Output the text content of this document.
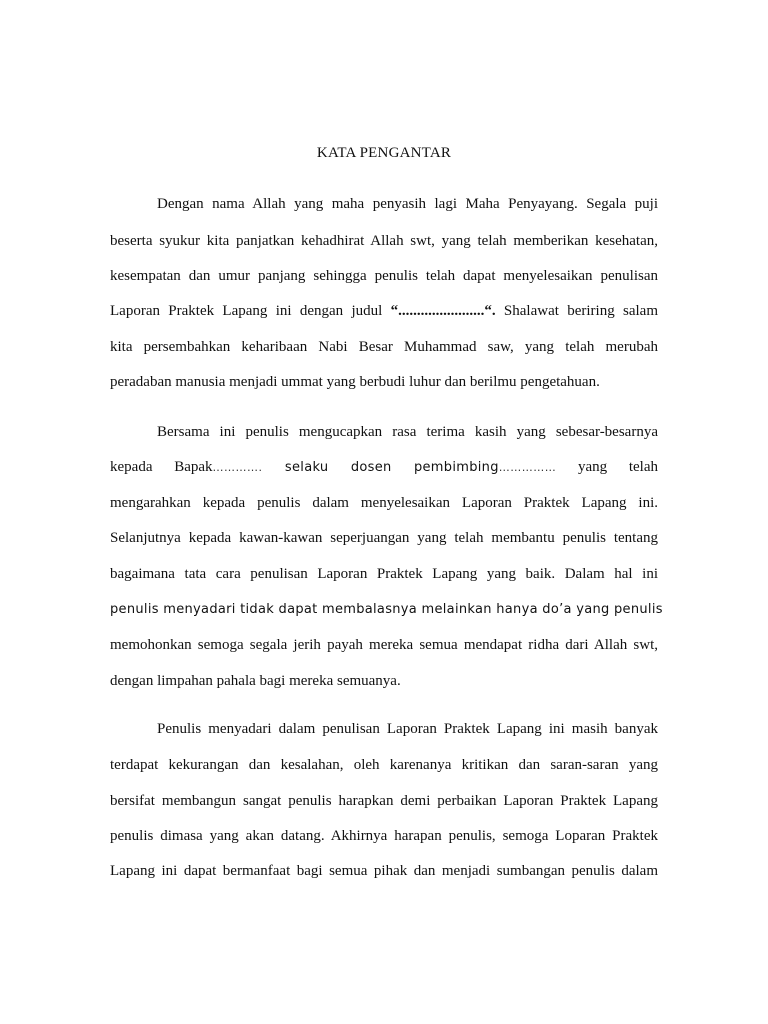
KATA PENGANTAR
Dengan nama Allah yang maha penyasih lagi Maha Penyayang. Segala puji
beserta syukur kita panjatkan kehadhirat Allah swt, yang telah memberikan kesehatan,
kesempatan dan umur panjang sehingga penulis telah dapat menyelesaikan penulisan
Laporan Praktek Lapang ini dengan judul “.......................“. Shalawat beriring salam
kita persembahkan keharibaan Nabi Besar Muhammad saw, yang telah merubah
peradaban manusia menjadi ummat yang berbudi luhur dan berilmu pengetahuan.
Bersama ini penulis mengucapkan rasa terima kasih yang sebesar-besarnya
kepada Bapak…………. selaku dosen pembimbing…………… yang telah
mengarahkan kepada penulis dalam menyelesaikan Laporan Praktek Lapang ini.
Selanjutnya kepada kawan-kawan seperjuangan yang telah membantu penulis tentang
bagaimana tata cara penulisan Laporan Praktek Lapang yang baik. Dalam hal ini
penulis menyadari tidak dapat membalasnya melainkan hanya do’a yang penulis
memohonkan semoga segala jerih payah mereka semua mendapat ridha dari Allah swt,
dengan limpahan pahala bagi mereka semuanya.
Penulis menyadari dalam penulisan Laporan Praktek Lapang ini masih banyak
terdapat kekurangan dan kesalahan, oleh karenanya kritikan dan saran-saran yang
bersifat membangun sangat penulis harapkan demi perbaikan Laporan Praktek Lapang
penulis dimasa yang akan datang. Akhirnya harapan penulis, semoga Loparan Praktek
Lapang ini dapat bermanfaat bagi semua pihak dan menjadi sumbangan penulis dalam
